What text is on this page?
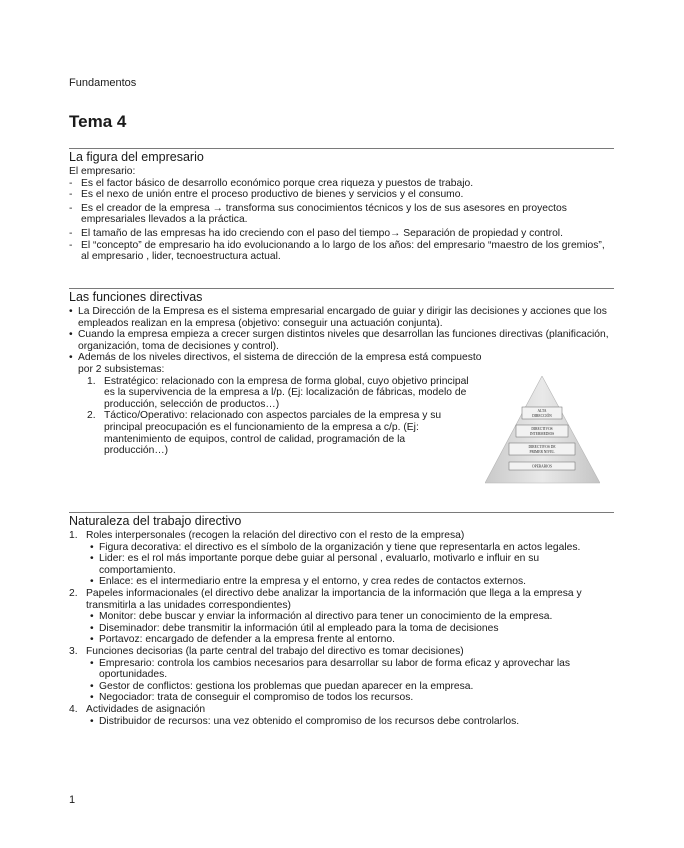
Fundamentos
Tema 4
La figura del empresario
El empresario:
- Es el factor básico de desarrollo económico porque crea riqueza y puestos de trabajo.
- Es el nexo de unión entre el proceso productivo de bienes y servicios y el consumo.
- Es el creador de la empresa → transforma sus conocimientos técnicos y los de sus asesores en proyectos empresariales llevados a la práctica.
- El tamaño de las empresas ha ido creciendo con el paso del tiempo→ Separación de propiedad y control.
- El “concepto” de empresario ha ido evolucionando a lo largo de los años: del empresario “maestro de los gremios”, al empresario , lider, tecnoestructura actual.
Las funciones directivas
• La Dirección de la Empresa es el sistema empresarial encargado de guiar y dirigir las decisiones y acciones que los empleados realizan en la empresa (objetivo: conseguir una actuación conjunta).
• Cuando la empresa empieza a crecer surgen distintos niveles que desarrollan las funciones directivas (planificación, organización, toma de decisiones y control).
• Además de los niveles directivos, el sistema de dirección de la empresa está compuesto por 2 subsistemas:
1. Estratégico: relacionado con la empresa de forma global, cuyo objetivo principal es la supervivencia de la empresa a l/p. (Ej: localización de fábricas, modelo de producción, selección de productos…)
2. Táctico/Operativo: relacionado con aspectos parciales de la empresa y su principal preocupación es el funcionamiento de la empresa a c/p. (Ej: mantenimiento de equipos, control de calidad, programación de la producción…)
ALTA
DIRECCIÓN
DIRECTIVOS
INTERMEDIOS
DIRECTIVOS DE
PRIMER NIVEL
OPERARIOS
Naturaleza del trabajo directivo
1. Roles interpersonales (recogen la relación del directivo con el resto de la empresa)
• Figura decorativa: el directivo es el símbolo de la organización y tiene que representarla en actos legales.
• Lider: es el rol más importante porque debe guiar al personal , evaluarlo, motivarlo e influir en su comportamiento.
• Enlace: es el intermediario entre la empresa y el entorno, y crea redes de contactos externos.
2. Papeles informacionales (el directivo debe analizar la importancia de la información que llega a la empresa y transmitirla a las unidades correspondientes)
• Monitor: debe buscar y enviar la información al directivo para tener un conocimiento de la empresa.
• Diseminador: debe transmitir la información útil al empleado para la toma de decisiones
• Portavoz: encargado de defender a la empresa frente al entorno.
3. Funciones decisorias (la parte central del trabajo del directivo es tomar decisiones)
• Empresario: controla los cambios necesarios para desarrollar su labor de forma eficaz y aprovechar las oportunidades.
• Gestor de conflictos: gestiona los problemas que puedan aparecer en la empresa.
• Negociador: trata de conseguir el compromiso de todos los recursos.
4. Actividades de asignación
• Distribuidor de recursos: una vez obtenido el compromiso de los recursos debe controlarlos.
1
